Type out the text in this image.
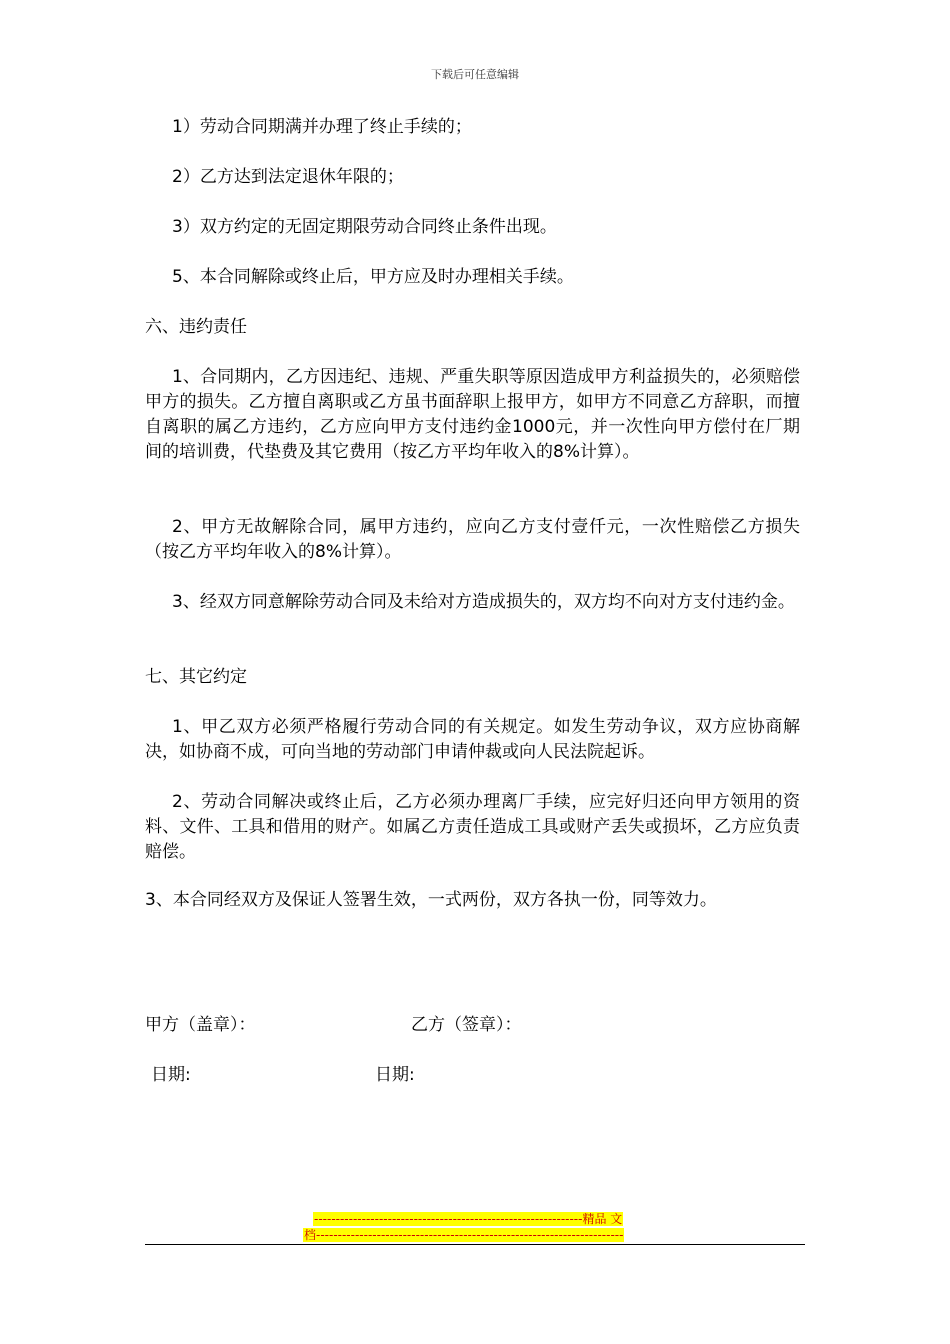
下载后可任意编辑
1）劳动合同期满并办理了终止手续的；
2）乙方达到法定退休年限的；
3）双方约定的无固定期限劳动合同终止条件出现。
5、本合同解除或终止后，甲方应及时办理相关手续。
六、违约责任
1、合同期内，乙方因违纪、违规、严重失职等原因造成甲方利益损失的，必须赔偿甲方的损失。乙方擅自离职或乙方虽书面辞职上报甲方，如甲方不同意乙方辞职，而擅自离职的属乙方违约，乙方应向甲方支付违约金1000元，并一次性向甲方偿付在厂期间的培训费，代垫费及其它费用（按乙方平均年收入的8%计算）。
2、甲方无故解除合同，属甲方违约，应向乙方支付壹仟元，一次性赔偿乙方损失（按乙方平均年收入的8%计算）。
3、经双方同意解除劳动合同及未给对方造成损失的，双方均不向对方支付违约金。
七、其它约定
1、甲乙双方必须严格履行劳动合同的有关规定。如发生劳动争议，双方应协商解决，如协商不成，可向当地的劳动部门申请仲裁或向人民法院起诉。
2、劳动合同解决或终止后，乙方必须办理离厂手续，应完好归还向甲方领用的资料、文件、工具和借用的财产。如属乙方责任造成工具或财产丢失或损坏，乙方应负责赔偿。
3、本合同经双方及保证人签署生效，一式两份，双方各执一份，同等效力。
甲方（盖章）：	乙方（签章）：
日期:	日期:
--------------------------------------------------------------精品 文
档-----------------------------------------------------------------------
